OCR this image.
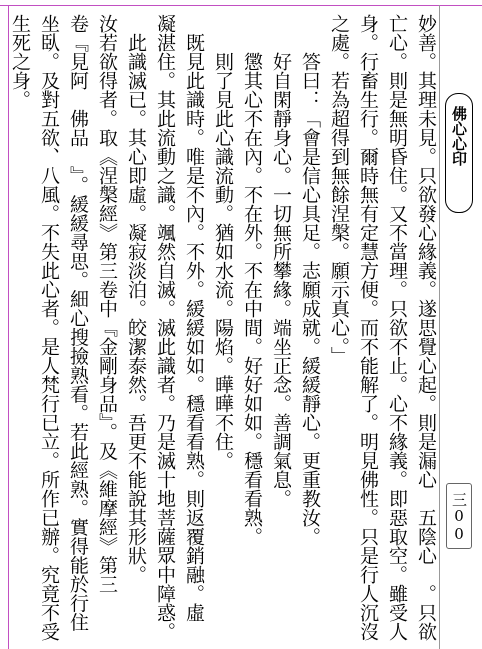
妙善。其理未見。只欲發心緣義。遂思覺心起。則是漏心　五陰心　。只欲
亡心。則是無明昏住。又不當理。只欲不止。心不緣義。即惡取空。雖受人
身。行畜生行。爾時無有定慧方便。而不能解了。明見佛性。只是行人沉沒
之處。若為超得到無餘涅槃。願示真心。」
　　答曰：「會是信心具足。志願成就。緩緩靜心。更重教汝。
　　好自閑靜身心。一切無所攀緣。端坐正念。善調氣息。
　　懲其心不在內。不在外。不在中間。好好如如。穩看看熟。
　　則了見此心識流動。猶如水流。陽焰。曄曄不住。
　既見此識時。唯是不內。不外。緩緩如如。穩看看熟。則返覆銷融。虛
凝湛住。其此流動之識。颯然自滅。滅此識者。乃是滅十地菩薩眾中障惑。
　此識滅已。其心即虛。凝寂淡泊。皎潔泰然。吾更不能說其形狀。
汝若欲得者。取《涅槃經》第三卷中『金剛身品』。及《維摩經》第三
卷『見阿　佛品　』。緩緩尋思。細心搜撿熟看。若此經熟。實得能於行住
坐臥。及對五欲、八風。不失此心者。是人梵行已立。所作已辦。究竟不受
生死之身。
佛心心印
三00
